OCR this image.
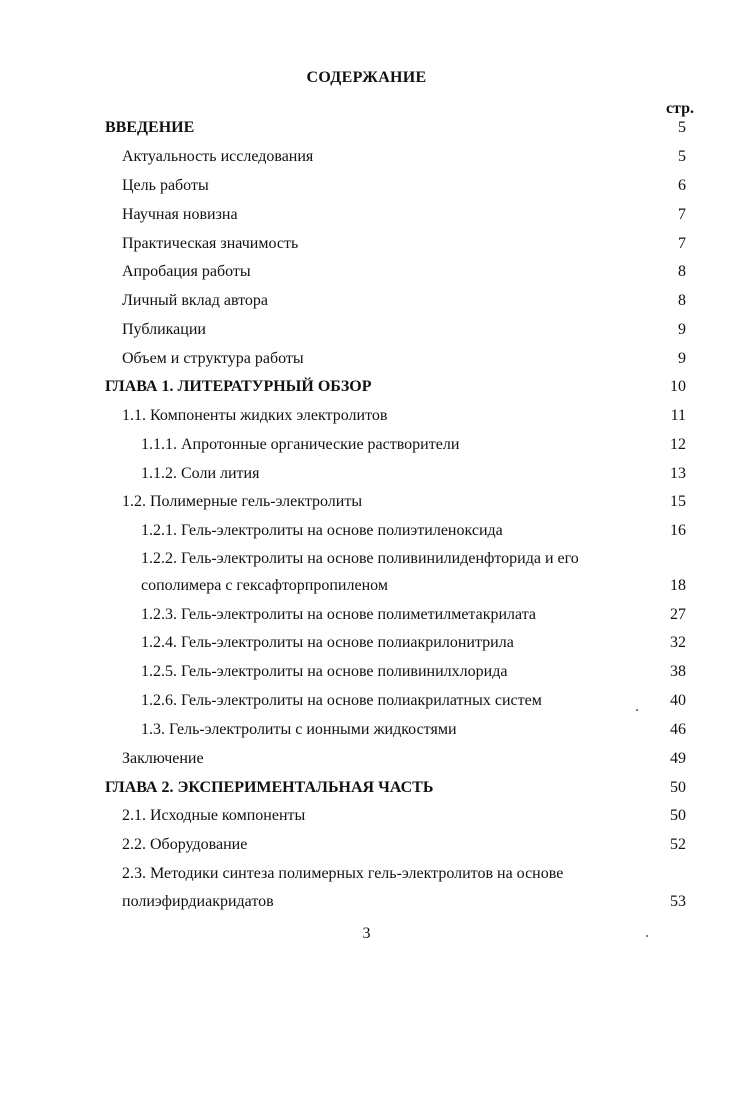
СОДЕРЖАНИЕ
стр.
ВВЕДЕНИЕ	5
Актуальность исследования	5
Цель работы	6
Научная новизна	7
Практическая значимость	7
Апробация работы	8
Личный вклад автора	8
Публикации	9
Объем и структура работы	9
ГЛАВА 1. ЛИТЕРАТУРНЫЙ ОБЗОР	10
1.1. Компоненты жидких электролитов	11
1.1.1. Апротонные органические растворители	12
1.1.2. Соли лития	13
1.2. Полимерные гель-электролиты	15
1.2.1. Гель-электролиты на основе полиэтиленоксида	16
1.2.2. Гель-электролиты на основе поливинилиденфторида и его
сополимера с гексафторпропиленом	18
1.2.3. Гель-электролиты на основе полиметилметакрилата	27
1.2.4. Гель-электролиты на основе полиакрилонитрила	32
1.2.5. Гель-электролиты на основе поливинилхлорида	38
1.2.6. Гель-электролиты на основе полиакрилатных систем	40
1.3. Гель-электролиты с ионными жидкостями	46
Заключение	49
ГЛАВА 2. ЭКСПЕРИМЕНТАЛЬНАЯ ЧАСТЬ	50
2.1. Исходные компоненты	50
2.2. Оборудование	52
2.3. Методики синтеза полимерных гель-электролитов на основе
полиэфирдиакридатов	53
3
